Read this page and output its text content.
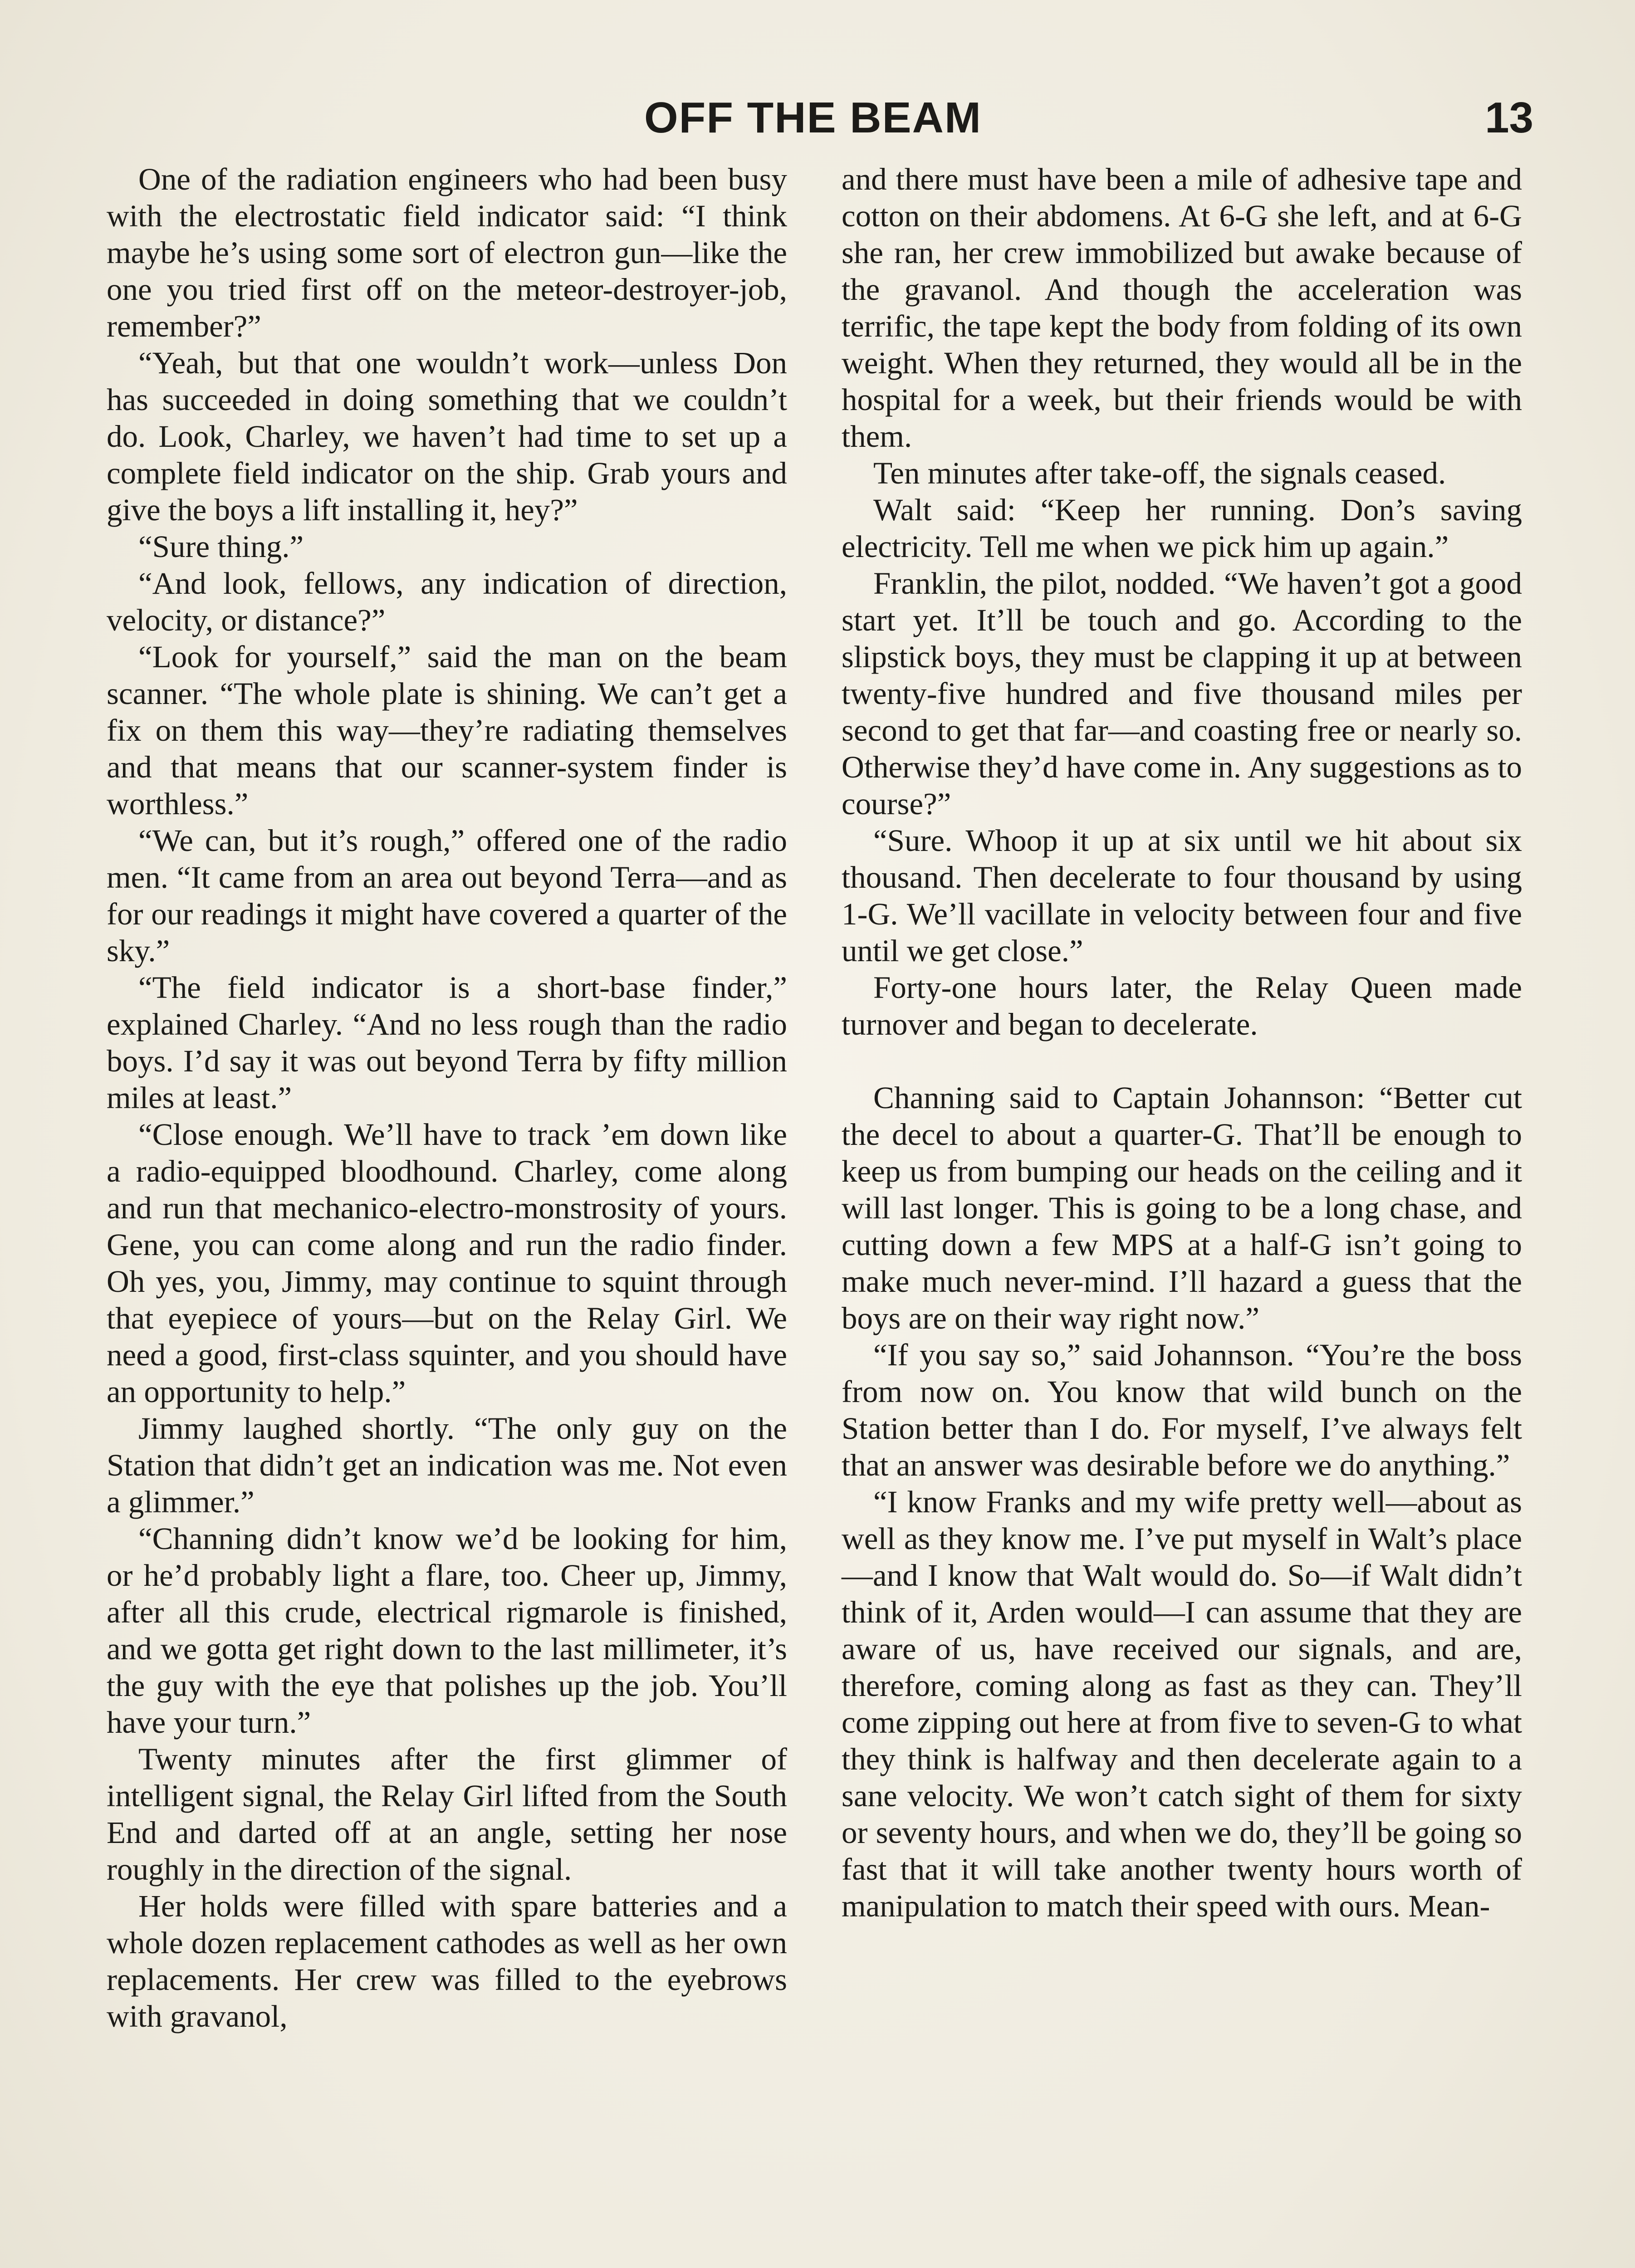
OFF THE BEAM	13

One of the radiation engineers who had been busy with the electrostatic field indicator said: “I think maybe he’s using some sort of electron gun—like the one you tried first off on the meteor-destroyer-job, remember?”

“Yeah, but that one wouldn’t work—unless Don has succeeded in doing something that we couldn’t do. Look, Charley, we haven’t had time to set up a complete field indicator on the ship. Grab yours and give the boys a lift installing it, hey?”

“Sure thing.”

“And look, fellows, any indication of direction, velocity, or distance?”

“Look for yourself,” said the man on the beam scanner. “The whole plate is shining. We can’t get a fix on them this way—they’re radiating themselves and that means that our scanner-system finder is worthless.”

“We can, but it’s rough,” offered one of the radio men. “It came from an area out beyond Terra—and as for our readings it might have covered a quarter of the sky.”

“The field indicator is a short-base finder,” explained Charley. “And no less rough than the radio boys. I’d say it was out beyond Terra by fifty million miles at least.”

“Close enough. We’ll have to track ’em down like a radio-equipped bloodhound. Charley, come along and run that mechanico-electro-monstrosity of yours. Gene, you can come along and run the radio finder. Oh yes, you, Jimmy, may continue to squint through that eyepiece of yours—but on the Relay Girl. We need a good, first-class squinter, and you should have an opportunity to help.”

Jimmy laughed shortly. “The only guy on the Station that didn’t get an indication was me. Not even a glimmer.”

“Channing didn’t know we’d be looking for him, or he’d probably light a flare, too. Cheer up, Jimmy, after all this crude, electrical rigmarole is finished, and we gotta get right down to the last millimeter, it’s the guy with the eye that polishes up the job. You’ll have your turn.”

Twenty minutes after the first glimmer of intelligent signal, the Relay Girl lifted from the South End and darted off at an angle, setting her nose roughly in the direction of the signal.

Her holds were filled with spare batteries and a whole dozen replacement cathodes as well as her own replacements. Her crew was filled to the eyebrows with gravanol,

and there must have been a mile of adhesive tape and cotton on their abdomens. At 6-G she left, and at 6-G she ran, her crew immobilized but awake because of the gravanol. And though the acceleration was terrific, the tape kept the body from folding of its own weight. When they returned, they would all be in the hospital for a week, but their friends would be with them.

Ten minutes after take-off, the signals ceased.

Walt said: “Keep her running. Don’s saving electricity. Tell me when we pick him up again.”

Franklin, the pilot, nodded. “We haven’t got a good start yet. It’ll be touch and go. According to the slipstick boys, they must be clapping it up at between twenty-five hundred and five thousand miles per second to get that far—and coasting free or nearly so. Otherwise they’d have come in. Any suggestions as to course?”

“Sure. Whoop it up at six until we hit about six thousand. Then decelerate to four thousand by using 1-G. We’ll vacillate in velocity between four and five until we get close.”

Forty-one hours later, the Relay Queen made turnover and began to decelerate.

Channing said to Captain Johannson: “Better cut the decel to about a quarter-G. That’ll be enough to keep us from bumping our heads on the ceiling and it will last longer. This is going to be a long chase, and cutting down a few MPS at a half-G isn’t going to make much never-mind. I’ll hazard a guess that the boys are on their way right now.”

“If you say so,” said Johannson. “You’re the boss from now on. You know that wild bunch on the Station better than I do. For myself, I’ve always felt that an answer was desirable before we do anything.”

“I know Franks and my wife pretty well—about as well as they know me. I’ve put myself in Walt’s place—and I know that Walt would do. So—if Walt didn’t think of it, Arden would—I can assume that they are aware of us, have received our signals, and are, therefore, coming along as fast as they can. They’ll come zipping out here at from five to seven-G to what they think is halfway and then decelerate again to a sane velocity. We won’t catch sight of them for sixty or seventy hours, and when we do, they’ll be going so fast that it will take another twenty hours worth of manipulation to match their speed with ours. Mean-
